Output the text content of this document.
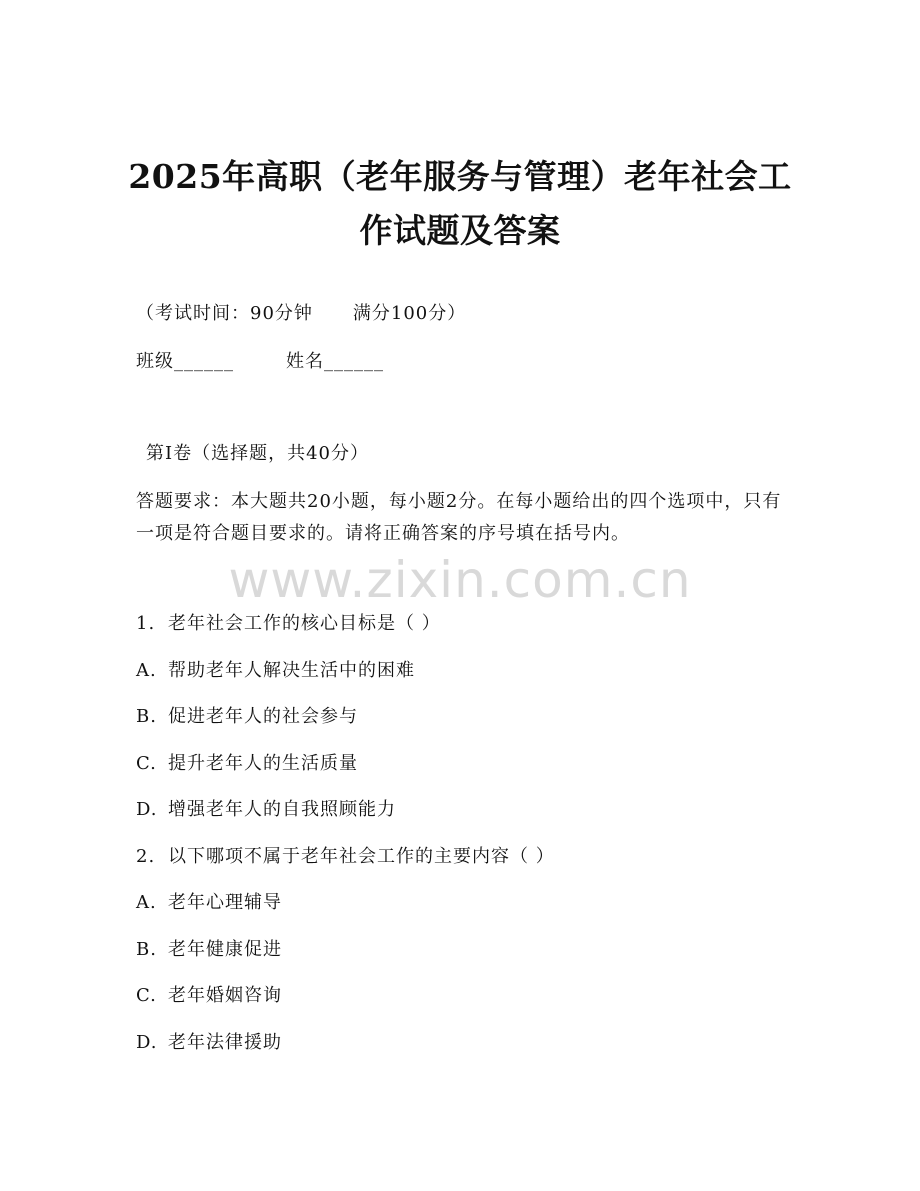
2025年高职（老年服务与管理）老年社会工
作试题及答案
（考试时间：90分钟 满分100分）
班级______	姓名______
第I卷（选择题，共40分）

答题要求：本大题共20小题，每小题2分。在每小题给出的四个选项中，只有一项是符合题目要求的。请将正确答案的序号填在括号内。

www.zixin.com.cn
1. 老年社会工作的核心目标是（ ）
A. 帮助老年人解决生活中的困难
B. 促进老年人的社会参与
C. 提升老年人的生活质量
D. 增强老年人的自我照顾能力
2. 以下哪项不属于老年社会工作的主要内容（ ）
A. 老年心理辅导
B. 老年健康促进
C. 老年婚姻咨询
D. 老年法律援助
